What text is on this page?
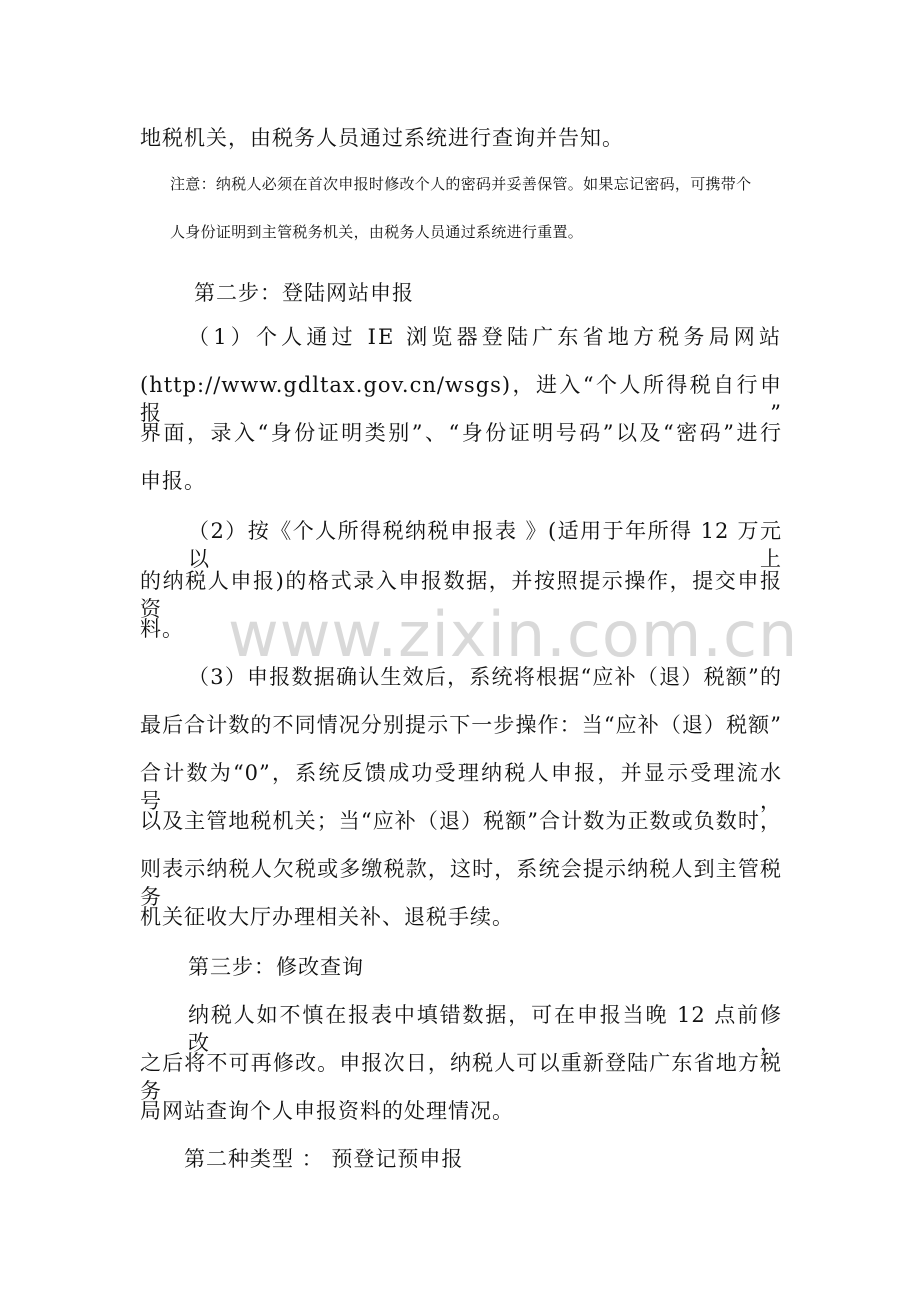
地税机关，由税务人员通过系统进行查询并告知。
注意：纳税人必须在首次申报时修改个人的密码并妥善保管。如果忘记密码，可携带个
人身份证明到主管税务机关，由税务人员通过系统进行重置。
第二步：登陆网站申报
（1）个人通过 IE 浏览器登陆广东省地方税务局网站
(http://www.gdltax.gov.cn/wsgs)，进入“个人所得税自行申报”
界面，录入“身份证明类别”、“身份证明号码”以及“密码”进行
申报。
（2）按《个人所得税纳税申报表 》(适用于年所得 12 万元以上
的纳税人申报)的格式录入申报数据，并按照提示操作，提交申报资
料。
（3）申报数据确认生效后，系统将根据“应补（退）税额”的
最后合计数的不同情况分别提示下一步操作：当“应补（退）税额”
合计数为“0”，系统反馈成功受理纳税人申报，并显示受理流水号，
以及主管地税机关；当“应补（退）税额”合计数为正数或负数时，
则表示纳税人欠税或多缴税款，这时，系统会提示纳税人到主管税务
机关征收大厅办理相关补、退税手续。
第三步：修改查询
纳税人如不慎在报表中填错数据，可在申报当晚 12 点前修改，
之后将不可再修改。申报次日，纳税人可以重新登陆广东省地方税务
局网站查询个人申报资料的处理情况。
第二种类型 ： 预登记预申报
www.zixin.com.cn
